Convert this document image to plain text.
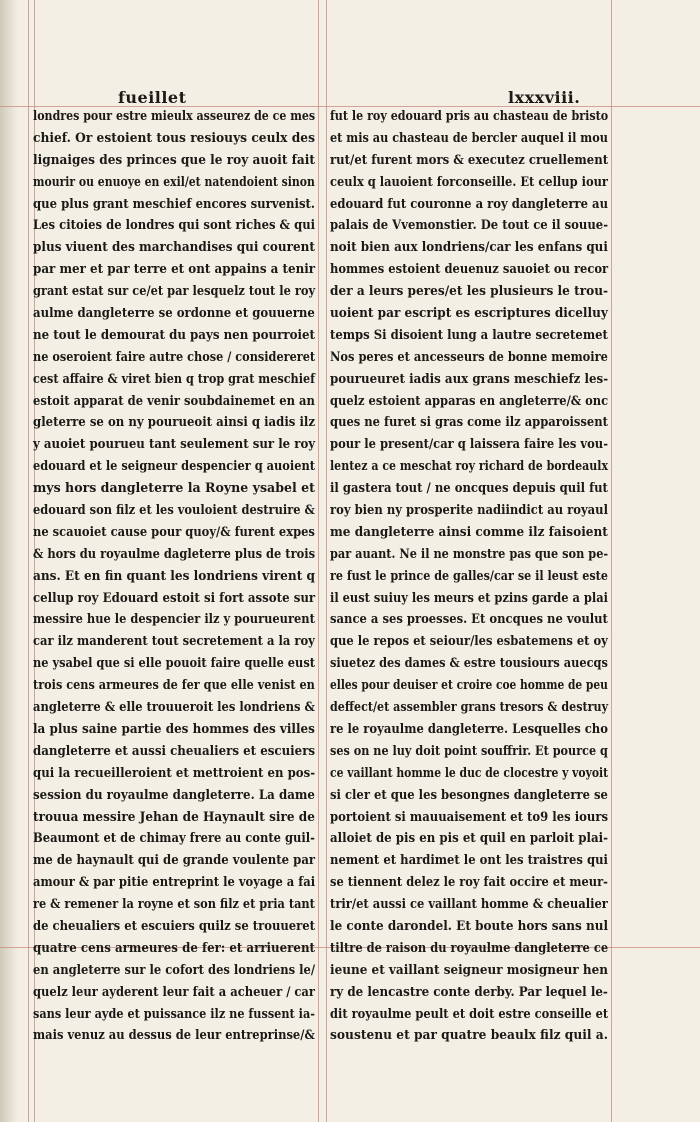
fueillet	lxxxviii.
londres pour estre mieulx asseurez de ce mes
chief. Or estoient tous resiouys ceulx des
lignaiges des princes que le roy auoit fait
mourir ou enuoye en exil/et natendoient sinon
que plus grant meschief encores survenist.
Les citoies de londres qui sont riches & qui
plus viuent des marchandises qui courent
par mer et par terre et ont appains a tenir
grant estat sur ce/et par lesquelz tout le roy
aulme dangleterre se ordonne et gouuerne
ne tout le demourat du pays nen pourroiet
ne oseroient faire autre chose / considereret
cest affaire & viret bien q trop grat meschief
estoit apparat de venir soubdainemet en an
gleterre se on ny pourueoit ainsi q iadis ilz
y auoiet pourueu tant seulement sur le roy
edouard et le seigneur despencier q auoient
mys hors dangleterre la Royne ysabel et
edouard son filz et les vouloient destruire &
ne scauoiet cause pour quoy/& furent expes
& hors du royaulme dagleterre plus de trois
ans. Et en fin quant les londriens virent q
cellup roy Edouard estoit si fort assote sur
messire hue le despencier ilz y pourueurent
car ilz manderent tout secretement a la roy
ne ysabel que si elle pouoit faire quelle eust
trois cens armeures de fer que elle venist en
angleterre & elle trouueroit les londriens &
la plus saine partie des hommes des villes
dangleterre et aussi cheualiers et escuiers
qui la recueilleroient et mettroient en pos-
session du royaulme dangleterre. La dame
trouua messire Jehan de Haynault sire de
Beaumont et de chimay frere au conte guil-
me de haynault qui de grande voulente par
amour & par pitie entreprint le voyage a fai
re & remener la royne et son filz et pria tant
de cheualiers et escuiers quilz se trouueret
quatre cens armeures de fer: et arriuerent
en angleterre sur le cofort des londriens le/
quelz leur ayderent leur fait a acheuer / car
sans leur ayde et puissance ilz ne fussent ia-
mais venuz au dessus de leur entreprinse/&
fut le roy edouard pris au chasteau de bristo
et mis au chasteau de bercler auquel il mou
rut/et furent mors & executez cruellement
ceulx q lauoient forconseille. Et cellup iour
edouard fut couronne a roy dangleterre au
palais de Vvemonstier. De tout ce il souue-
noit bien aux londriens/car les enfans qui
hommes estoient deuenuz sauoiet ou recor
der a leurs peres/et les plusieurs le trou-
uoient par escript es escriptures dicelluy
temps Si disoient lung a lautre secretemet
Nos peres et ancesseurs de bonne memoire
pourueuret iadis aux grans meschiefz les-
quelz estoient apparas en angleterre/& onc
ques ne furet si gras come ilz apparoissent
pour le present/car q laissera faire les vou-
lentez a ce meschat roy richard de bordeaulx
il gastera tout / ne oncques depuis quil fut
roy bien ny prosperite nadiindict au royaul
me dangleterre ainsi comme ilz faisoient
par auant. Ne il ne monstre pas que son pe-
re fust le prince de galles/car se il leust este
il eust suiuy les meurs et pzins garde a plai
sance a ses proesses. Et oncques ne voulut
que le repos et seiour/les esbatemens et oy
siuetez des dames & estre tousiours auecqs
elles pour deuiser et croire coe homme de peu
deffect/et assembler grans tresors & destruy
re le royaulme dangleterre. Lesquelles cho
ses on ne luy doit point souffrir. Et pource q
ce vaillant homme le duc de clocestre y voyoit
si cler et que les besongnes dangleterre se
portoient si mauuaisement et to9 les iours
alloiet de pis en pis et quil en parloit plai-
nement et hardimet le ont les traistres qui
se tiennent delez le roy fait occire et meur-
trir/et aussi ce vaillant homme & cheualier
le conte darondel. Et boute hors sans nul
tiltre de raison du royaulme dangleterre ce
ieune et vaillant seigneur mosigneur hen
ry de lencastre conte derby. Par lequel le-
dit royaulme peult et doit estre conseille et
soustenu et par quatre beaulx filz quil a.
